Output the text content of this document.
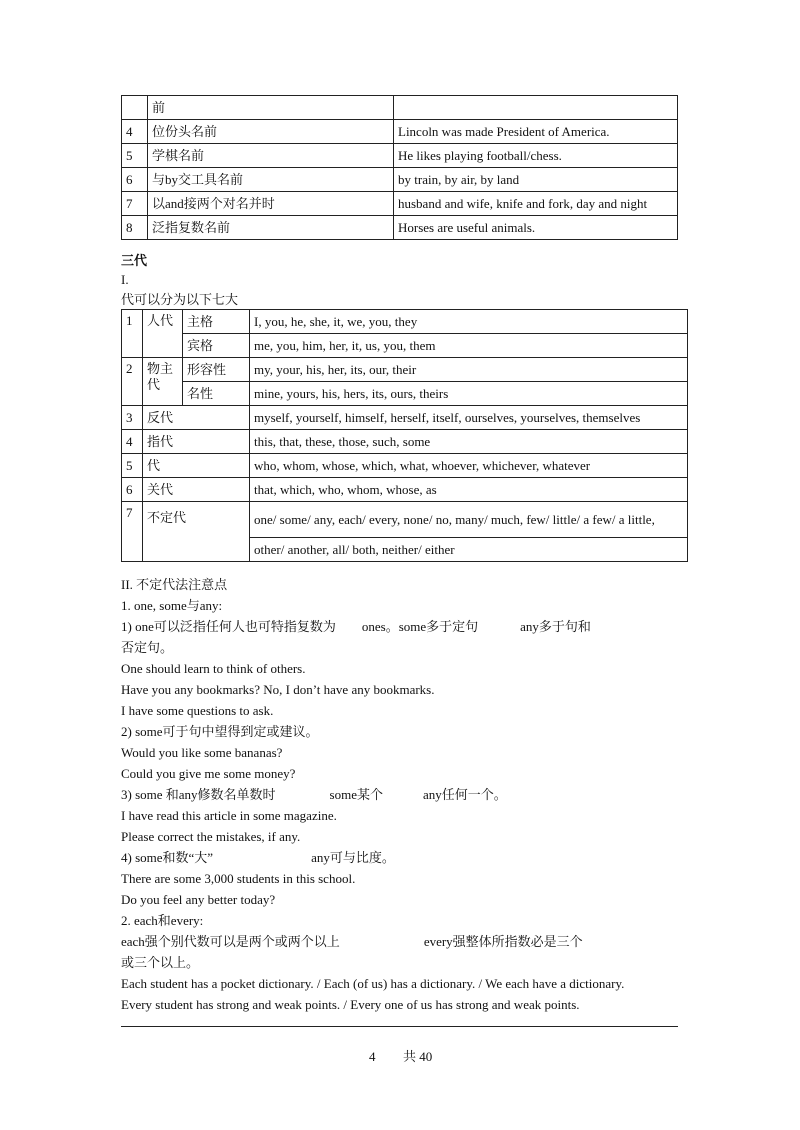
	前	
4	位份头名前	Lincoln was made President of America.
5	学棋名前	He likes playing football/chess.
6	与by交工具名前	by train, by air, by land
7	以and接两个对名并时	husband and wife, knife and fork, day and night
8	泛指复数名前	Horses are useful animals.
三代
I.
代可以分为以下七大
1	人代	主格	I, you, he, she, it, we, you, they
		宾格	me, you, him, her, it, us, you, them
2	物主代	形容性	my, your, his, her, its, our, their
		名性	mine, yours, his, hers, its, ours, theirs
3	反代		myself, yourself, himself, herself, itself, ourselves, yourselves, themselves
4	指代		this, that, these, those, such, some
5	代		who, whom, whose, which, what, whoever, whichever, whatever
6	关代		that, which, who, whom, whose, as
7	不定代		one/ some/ any, each/ every, none/ no, many/ much, few/ little/ a few/ a little,
			other/ another, all/ both, neither/ either
II. 不定代法注意点
1. one, some与any:
1) one可以泛指任何人也可特指复数为 ones。some多于定句	any多于句和
否定句。
One should learn to think of others.
Have you any bookmarks? No, I don’t have any bookmarks.
I have some questions to ask.
2) some可于句中望得到定或建议。
Would you like some bananas?
Could you give me some money?
3) some 和any修数名单数时	some某个	any任何一个。
I have read this article in some magazine.
Please correct the mistakes, if any.
4) some和数“大”	any可与比度。
There are some 3,000 students in this school.
Do you feel any better today?
2. each和every:
each强个别代数可以是两个或两个以上	every强整体所指数必是三个
或三个以上。
Each student has a pocket dictionary. / Each (of us) has a dictionary. / We each have a dictionary.
Every student has strong and weak points. / Every one of us has strong and weak points.
4 共 40
